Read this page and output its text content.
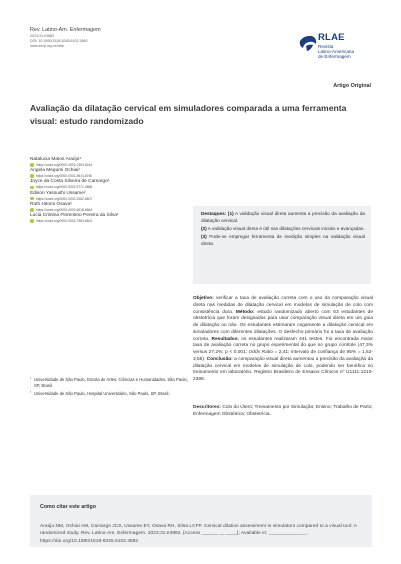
Rev. Latino-Am. Enfermagem
2023;31:e3883
DOI: 10.1590/1518-8345.6102.3883
www.eerp.usp.br/rlae
RLAE
Revista
Latino-Americana
de Enfermagem
Artigo Original
Avaliação da dilatação cervical em simuladores comparada a uma ferramenta visual: estudo randomizado
Natalucia Matos Araújo¹
https://orcid.org/0000-0003-1353-8244
Angela Megumi Ochiai¹
https://orcid.org/0000-0001-9614-8760
Joyce da Costa Silveira de Camargo¹
https://orcid.org/0000-0001-9771-0866
Edison Yassushi Ussame²
https://orcid.org/0000-0002-2362-8607
Ruth Hitomi Osava¹
https://orcid.org/0000-0002-6618-6864
Lucia Cristina Florentino Pereira da Silva¹
https://orcid.org/0000-0002-7963-6601

Destaques: (1) A validação visual direta aumenta a precisão da avaliação da dilatação cervical.

(2) A validação visual direta é útil nas dilatações cervicais iniciais e avançadas.

(3) Pode-se empregar ferramenta de medição simples na validação visual direta.

Objetivo: verificar a taxa de avaliação correta com o uso da comparação visual direta nas medidas de dilatação cervical em modelos de simulação de colo com consistência dura. Método: estudo randomizado aberto com 63 estudantes de obstetrícia que foram designados para usar comparação visual direta em um guia de dilatação ou não. Os estudantes estimaram cegamente a dilatação cervical em simuladores com diferentes dilatações. O desfecho primário foi a taxa de avaliação correta. Resultados: os estudantes realizaram 441 testes. Foi encontrada maior taxa de avaliação correta no grupo experimental do que no grupo controle (47,3% versus 27,2%; p < 0,001; Odds Ratio = 2,41; intervalo de confiança de 95% = 1,62-3,58). Conclusão: a comparação visual direta aumentou a precisão da avaliação da dilatação cervical em modelos de simulação de colo, podendo ser benéfica no treinamento em laboratório. Registro Brasileiro de Ensaios Clínicos nº U1111-1210-2389.
Descritores: Colo do Útero; Treinamento por Simulação; Ensino; Trabalho de Parto; Enfermagem Obstétrica; Obstetrícia.
¹ Universidade de São Paulo, Escola de Artes, Ciências e Humanidades, São Paulo, SP, Brasil.
² Universidade de São Paulo, Hospital Universitário, São Paulo, SP, Brasil.
Como citar este artigo
Araújo NM, Ochiai AM, Camargo JCS, Ussame EY, Osava RH, Silva LCFP. Cervical dilation assessment in simulators compared to a visual tool: A randomized study. Rev. Latino-Am. Enfermagem. 2023;31:e3882. [Access ______ __ ____]; Available in: ______________. https://doi.org/10.1590/1518-8345.6102.3882
